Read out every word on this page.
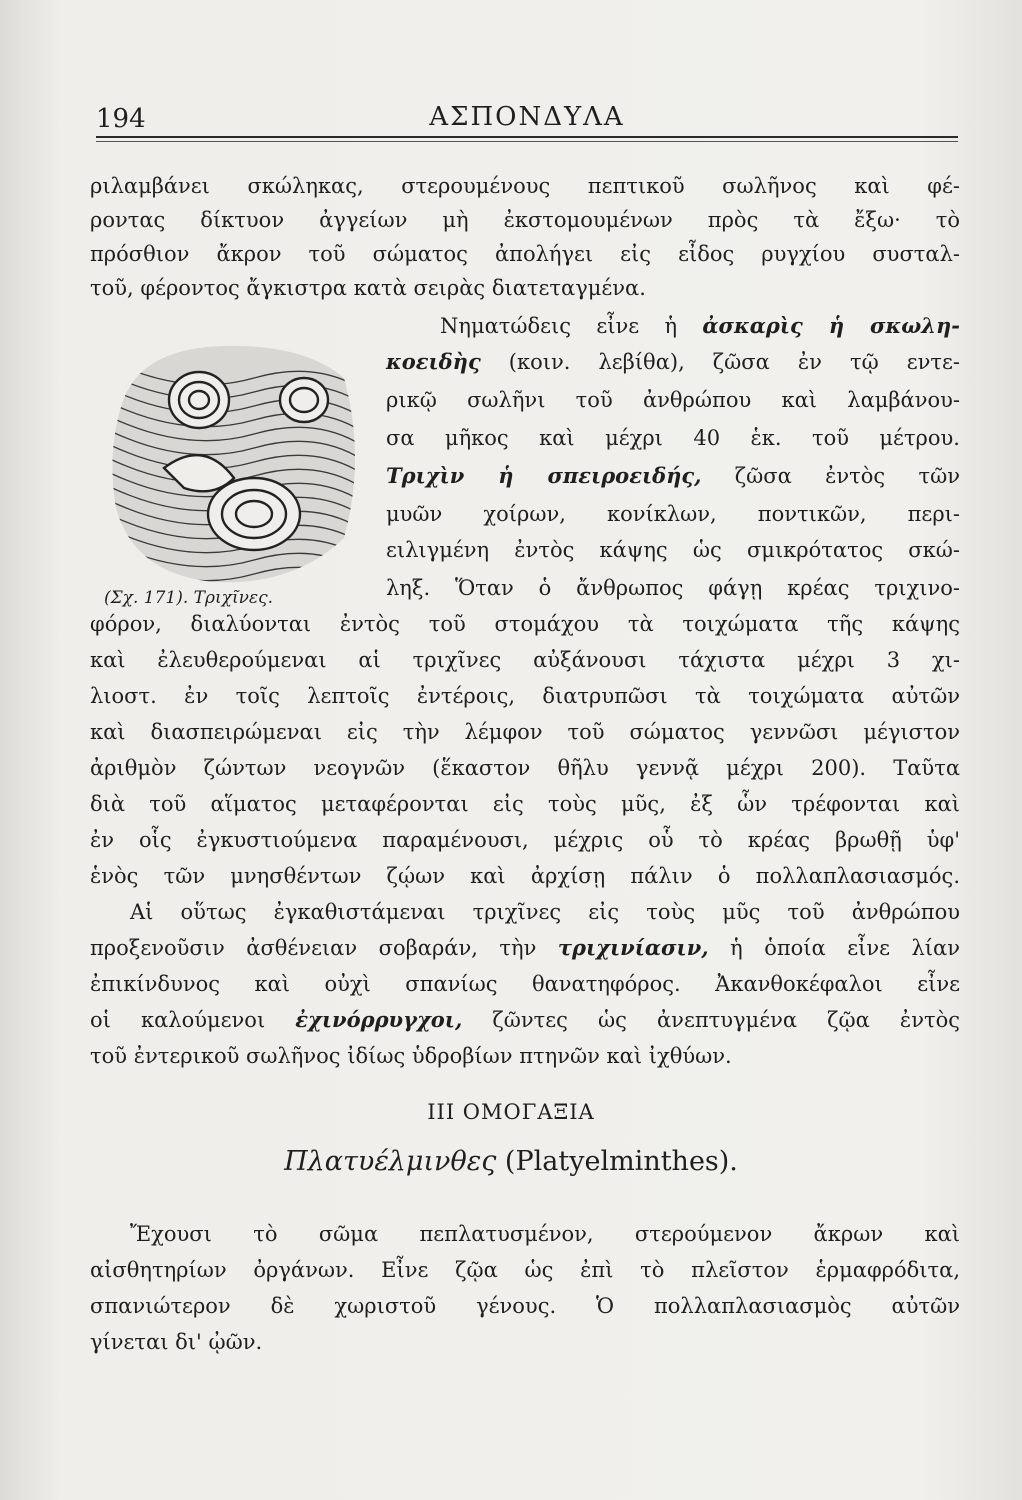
194	ΑΣΠΟΝΔΥΛΑ
ριλαμβάνει σκώληκας, στερουμένους πεπτικοῦ σωλῆνος καὶ φέ-
ροντας δίκτυον ἀγγείων μὴ ἐκστομουμένων πρὸς τὰ ἔξω· τὸ
πρόσθιον ἄκρον τοῦ σώματος ἀπολήγει εἰς εἶδος ρυγχίου συσταλ-
τοῦ, φέροντος ἄγκιστρα κατὰ σειρὰς διατεταγμένα.
(Σχ. 171). Τριχῖνες.
Νηματώδεις εἶνε ἡ ἀσκαρὶς ἡ σκωλη-
κοειδὴς (κοιν. λεβίθα), ζῶσα ἐν τῷ εντε-
ρικῷ σωλῆνι τοῦ ἀνθρώπου καὶ λαμβάνου-
σα μῆκος καὶ μέχρι 40 ἑκ. τοῦ μέτρου.
Τριχὶν ἡ σπειροειδής, ζῶσα ἐντὸς τῶν
μυῶν χοίρων, κονίκλων, ποντικῶν, περι-
ειλιγμένη ἐντὸς κάψης ὡς σμικρότατος σκώ-
ληξ. Ὅταν ὁ ἄνθρωπος φάγῃ κρέας τριχινο-
φόρον, διαλύονται ἐντὸς τοῦ στομάχου τὰ τοιχώματα τῆς κάψης
καὶ ἐλευθερούμεναι αἱ τριχῖνες αὐξάνουσι τάχιστα μέχρι 3 χι-
λιοστ. ἐν τοῖς λεπτοῖς ἐντέροις, διατρυπῶσι τὰ τοιχώματα αὐτῶν
καὶ διασπειρώμεναι εἰς τὴν λέμφον τοῦ σώματος γεννῶσι μέγιστον
ἀριθμὸν ζώντων νεογνῶν (ἕκαστον θῆλυ γεννᾷ μέχρι 200). Ταῦτα
διὰ τοῦ αἵματος μεταφέρονται εἰς τοὺς μῦς, ἐξ ὧν τρέφονται καὶ
ἐν οἷς ἐγκυστιούμενα παραμένουσι, μέχρις οὗ τὸ κρέας βρωθῇ ὑφ'
ἑνὸς τῶν μνησθέντων ζῴων καὶ ἀρχίσῃ πάλιν ὁ πολλαπλασιασμός.
Αἱ οὕτως ἐγκαθιστάμεναι τριχῖνες εἰς τοὺς μῦς τοῦ ἀνθρώπου
προξενοῦσιν ἀσθένειαν σοβαράν, τὴν τριχινίασιν, ἡ ὁποία εἶνε λίαν
ἐπικίνδυνος καὶ οὐχὶ σπανίως θανατηφόρος. Ἀκανθοκέφαλοι εἶνε
οἱ καλούμενοι ἐχινόρρυγχοι, ζῶντες ὡς ἀνεπτυγμένα ζῷα ἐντὸς
τοῦ ἐντερικοῦ σωλῆνος ἰδίως ὑδροβίων πτηνῶν καὶ ἰχθύων.
III ΟΜΟΓΑΞΙΑ
Πλατυέλμινθες (Platyelminthes).
Ἔχουσι τὸ σῶμα πεπλατυσμένον, στερούμενον ἄκρων καὶ
αἰσθητηρίων ὀργάνων. Εἶνε ζῷα ὡς ἐπὶ τὸ πλεῖστον ἑρμαφρόδιτα,
σπανιώτερον δὲ χωριστοῦ γένους. Ὁ πολλαπλασιασμὸς αὐτῶν
γίνεται δι' ᾠῶν.
